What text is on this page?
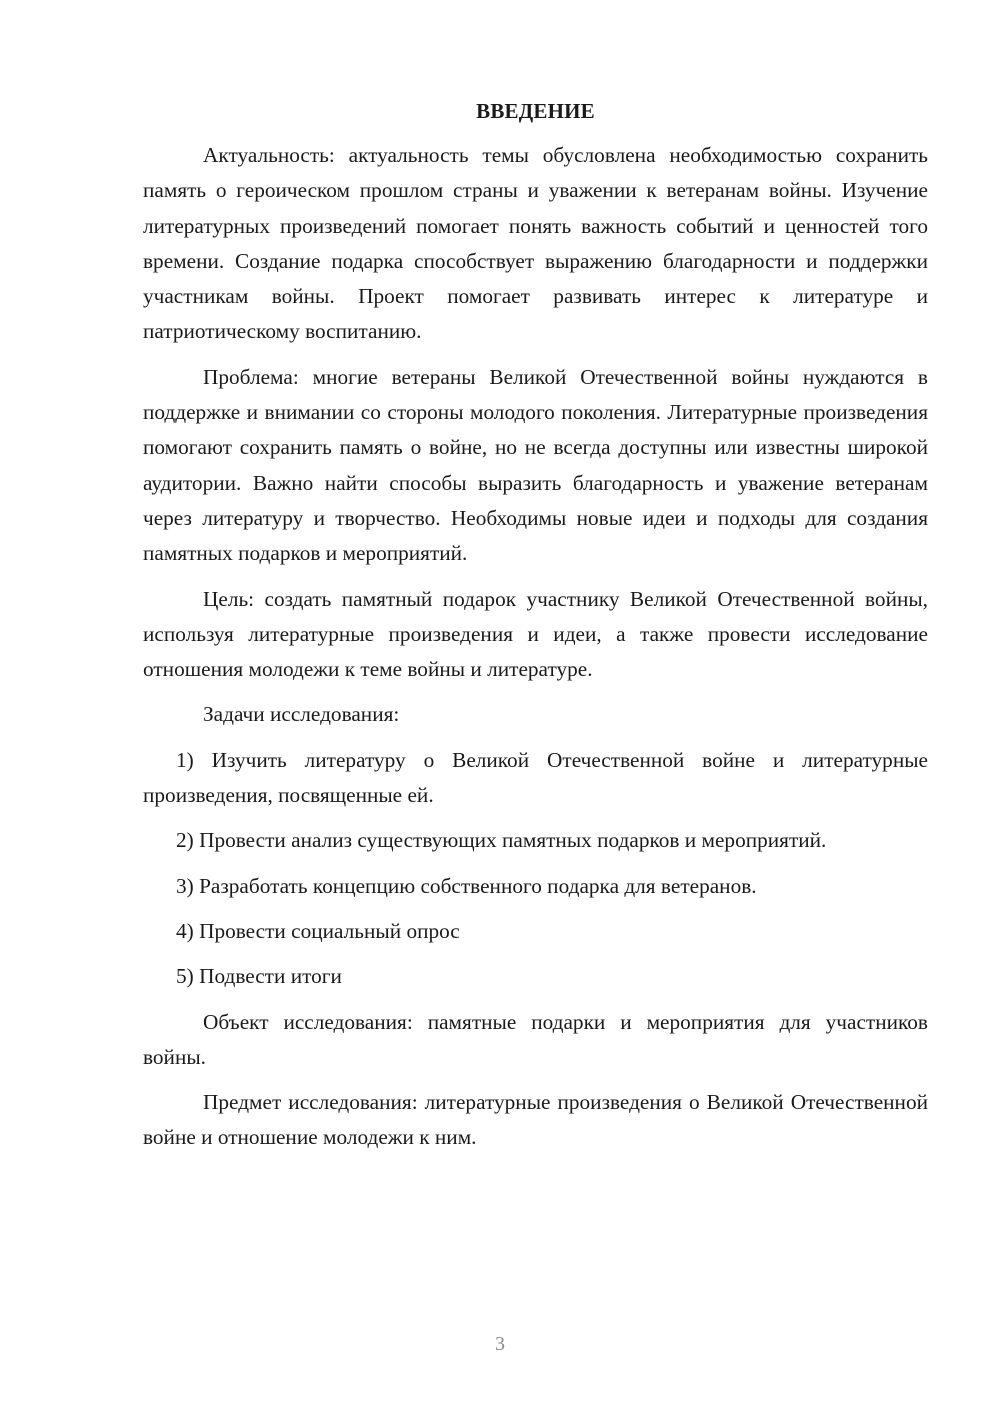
ВВЕДЕНИЕ

Актуальность: актуальность темы обусловлена необходимостью сохранить память о героическом прошлом страны и уважении к ветеранам войны. Изучение литературных произведений помогает понять важность событий и ценностей того времени. Создание подарка способствует выражению благодарности и поддержки участникам войны. Проект помогает развивать интерес к литературе и патриотическому воспитанию.

Проблема: многие ветераны Великой Отечественной войны нуждаются в поддержке и внимании со стороны молодого поколения. Литературные произведения помогают сохранить память о войне, но не всегда доступны или известны широкой аудитории. Важно найти способы выразить благодарность и уважение ветеранам через литературу и творчество. Необходимы новые идеи и подходы для создания памятных подарков и мероприятий.

Цель: создать памятный подарок участнику Великой Отечественной войны, используя литературные произведения и идеи, а также провести исследование отношения молодежи к теме войны и литературе.

Задачи исследования:

1) Изучить литературу о Великой Отечественной войне и литературные произведения, посвященные ей.

2) Провести анализ существующих памятных подарков и мероприятий.

3) Разработать концепцию собственного подарка для ветеранов.

4) Провести социальный опрос

5) Подвести итоги

Объект исследования: памятные подарки и мероприятия для участников войны.

Предмет исследования: литературные произведения о Великой Отечественной войне и отношение молодежи к ним.

3
